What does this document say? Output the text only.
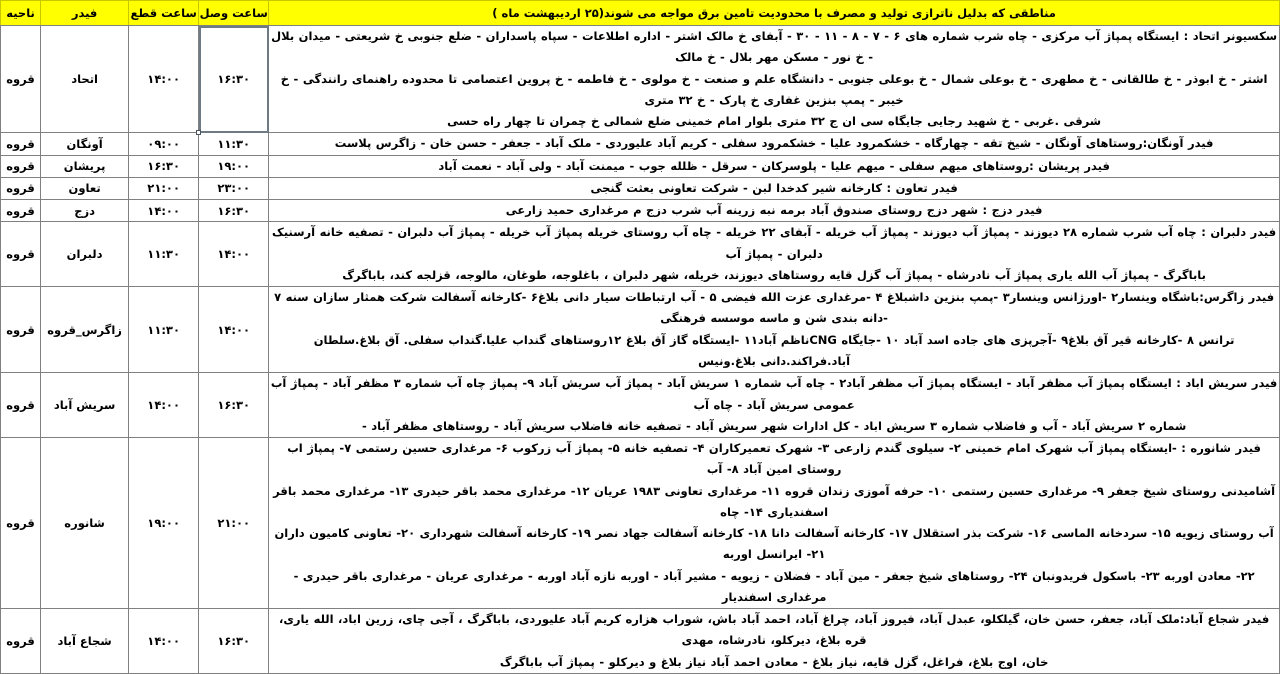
مناطقی که بدلیل ناترازی تولید و مصرف با محدودیت تامین برق مواجه می شوند(۲۵ اردیبهشت ماه )	ساعت وصل	ساعت قطع	فیدر	ناحیه

سکسیونر اتحاد : ایستگاه پمپاژ آب مرکزی - چاه شرب شماره های ۶ - ۷ - ۸ - ۱۱ - ۳۰ - آبفای خ مالک اشتر - اداره اطلاعات - سپاه پاسداران - ضلع جنوبی خ شریعتی - میدان بلال - خ نور - مسکن مهر بلال - خ مالک
اشتر - خ ابوذر - خ طالقانی - خ مطهری - خ بوعلی شمال - خ بوعلی جنوبی - دانشگاه علم و صنعت - خ مولوی - خ فاطمه - خ پروین اعتصامی تا محدوده راهنمای رانندگی - خ خیبر - پمپ بنزین غفاری خ پارک - خ ۳۲ متری
شرقی .غربی - خ شهید رجایی جایگاه سی ان ج ۳۲ متری بلوار امام خمینی ضلع شمالی خ چمران تا چهار راه حسی	۱۶:۳۰	۱۴:۰۰	اتحاد	قروه

فیدر آونگان:روستاهای آونگان - شیخ تقه - چهارگاه - خشکمرود علیا - خشکمرود سفلی - کریم آباد علیوردی - ملک آباد - جعفر - حسن خان - زاگرس پلاست	۱۱:۳۰	۰۹:۰۰	آونگان	قروه

فیدر پریشان :روستاهای میهم سفلی - میهم علیا - پلوسرکان - سرقل - ظلله جوب - میمنت آباد - ولی آباد - نعمت آباد	۱۹:۰۰	۱۶:۳۰	پریشان	قروه

فیدر تعاون : کارخانه شیر کدخدا لبن - شرکت تعاونی بعثت گنجی	۲۳:۰۰	۲۱:۰۰	تعاون	قروه

فیدر دزج : شهر دزج روستای صندوق آباد برمه نبه زرینه آب شرب دزج م مرغداری حمید زارعی	۱۶:۳۰	۱۴:۰۰	دزج	قروه

فیدر دلبران : چاه آب شرب شماره ۲۸ دیوزند - پمپاژ آب دیوزند - پمپاژ آب خریله - آبفای ۲۲ خریله - چاه آب روستای خریله پمپاژ آب خریله - پمپاژ آب دلبران - تصفیه خانه آرسنیک دلبران - پمپاژ آب
باباگرگ - پمپاژ آب الله یاری پمپاژ آب نادرشاه - پمپاژ آب گزل قایه روستاهای دیوزند، خریله، شهر دلبران ، باغلوجه، طوغان، مالوجه، قزلجه کند، باباگرگ	۱۴:۰۰	۱۱:۳۰	دلبران	قروه

فیدر زاگرس:باشگاه وینسار۲ -اورژانس وینسار۳ -پمپ بنزین داشبلاغ ۴ -مرغداری عزت الله فیضی ۵ - آب ارتباطات سیار دانی بلاغ۶ -کارخانه آسفالت شرکت همثار سازان سنه ۷ -دانه بندی شن و ماسه موسسه فرهنگی
ترانس ۸ -کارخانه قیر آق بلاغ۹ -آجرپزی های جاده اسد آباد ۱۰ -جایگاه CNGناظم آباد۱۱ -ایستگاه گاز آق بلاغ ۱۲روستاهای گنداب علیا.گنداب سفلی. آق بلاغ.سلطان آباد.فراکند.دانی بلاغ.ونیس	۱۴:۰۰	۱۱:۳۰	زاگرس_قروه	قروه

فیدر سریش اباد : ایستگاه پمپاژ آب مظفر آباد - ایستگاه پمپاژ آب مظفر آباد۲ - چاه آب شماره ۱ سریش آباد - پمپاژ آب سریش آباد ۹- پمپاژ چاه آب شماره ۳ مظفر آباد - پمپاژ آب عمومی سریش آباد - چاه آب
شماره ۲ سریش آباد - آب و فاضلاب شماره ۳ سریش اباد - کل ادارات شهر سریش آباد - تصفیه خانه فاضلاب سریش آباد - روستاهای مظفر آباد -	۱۶:۳۰	۱۴:۰۰	سریش آباد	قروه

فیدر شانوره : -ایستگاه پمپاژ آب شهرک امام خمینی ۲- سیلوی گندم زارعی ۳- شهرک تعمیرکاران ۴- تصفیه خانه ۵- پمپاژ آب زرکوب ۶- مرغداری حسین رستمی ۷- پمپاژ اب روستای امین آباد ۸- آب
آشامیدنی روستای شیخ جعفر ۹- مرغداری حسین رستمی ۱۰- حرفه آموزی زندان قروه ۱۱- مرغداری تعاونی ۱۹۸۳ عریان ۱۲- مرغداری محمد باقر حیدری ۱۳- مرغداری محمد باقر اسفندیاری ۱۴- چاه
آب روستای زیویه ۱۵- سردخانه الماسی ۱۶- شرکت بذر استقلال ۱۷- کارخانه آسفالت دانا ۱۸- کارخانه آسفالت جهاد نصر ۱۹- کارخانه آسفالت شهرداری ۲۰- تعاونی کامیون داران ۲۱- ایرانسل اوربه
۲۲- معادن اوربه ۲۳- باسکول فریدونبان ۲۴- روستاهای شیخ جعفر - مین آباد - فضلان - زیویه - مشیر آباد - اوربه نازه آباد اوربه - مرغداری عریان - مرغداری باقر حیدری - مرغداری اسفندیار	۲۱:۰۰	۱۹:۰۰	شانوره	قروه

فیدر شجاع آباد:ملک آباد، جعفر، حسن خان، گیلکلو، عبدل آباد، فیروز آباد، چراغ آباد، احمد آباد باش، شوراب هزاره کریم آباد علیوردی، باباگرگ ، آجی چای، زرین اباد، الله یاری، قره بلاغ، دیرکلو، نادرشاه، مهدی
خان، اوج بلاغ، فراغل، گزل قایه، نیاز بلاغ - معادن احمد آباد نیاز بلاغ و دیرکلو - پمپاژ آب باباگرگ	۱۶:۳۰	۱۴:۰۰	شجاع آباد	قروه
